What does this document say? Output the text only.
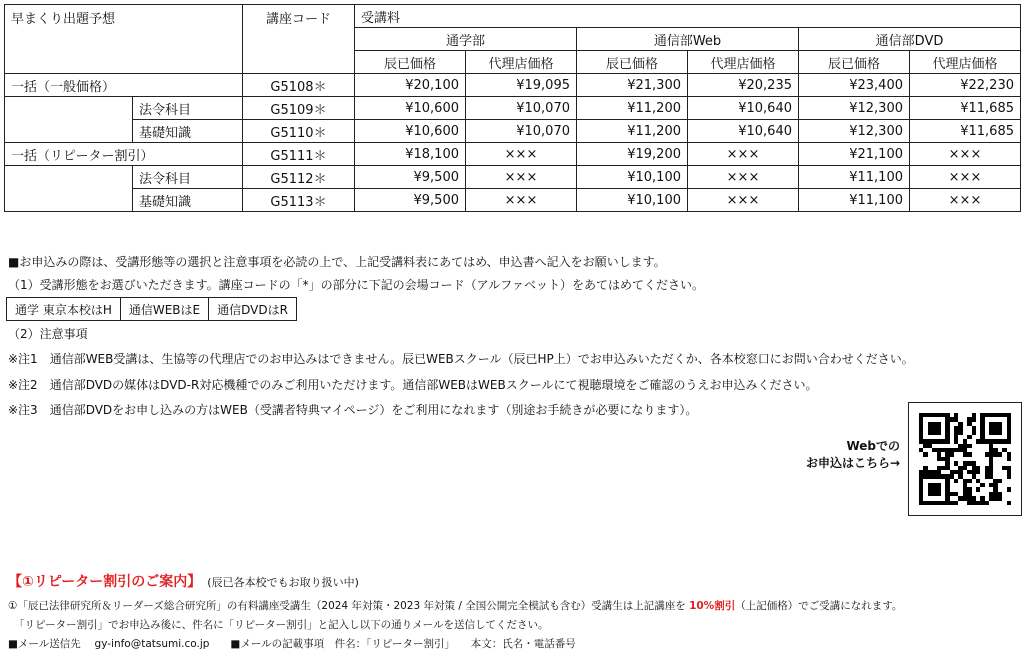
早まくり出題予想		講座コード	受講料					
			通学部		通信部Web		通信部DVD	
			辰已価格	代理店価格	辰已価格	代理店価格	辰已価格	代理店価格
一括（一般価格）		G5108＊	¥20,100	¥19,095	¥21,300	¥20,235	¥23,400	¥22,230
	法令科目	G5109＊	¥10,600	¥10,070	¥11,200	¥10,640	¥12,300	¥11,685
	基礎知識	G5110＊	¥10,600	¥10,070	¥11,200	¥10,640	¥12,300	¥11,685
一括（リピーター割引）		G5111＊	¥18,100	×××	¥19,200	×××	¥21,100	×××
	法令科目	G5112＊	¥9,500	×××	¥10,100	×××	¥11,100	×××
	基礎知識	G5113＊	¥9,500	×××	¥10,100	×××	¥11,100	×××
■お申込みの際は、受講形態等の選択と注意事項を必読の上で、上記受講料表にあてはめ、申込書へ記入をお願いします。
（1）受講形態をお選びいただきます。講座コードの「*」の部分に下記の会場コード（アルファベット）をあてはめてください。
通学 東京本校はH	通信WEBはE	通信DVDはR
（2）注意事項
※注1　通信部WEB受講は、生協等の代理店でのお申込みはできません。辰已WEBスクール（辰已HP上）でお申込みいただくか、各本校窓口にお問い合わせください。
※注2　通信部DVDの媒体はDVD-R対応機種でのみご利用いただけます。通信部WEBはWEBスクールにて視聴環境をご確認のうえお申込みください。
※注3　通信部DVDをお申し込みの方はWEB（受講者特典マイページ）をご利用になれます（別途お手続きが必要になります）。
Webでの
お申込はこちら→
【①リピーター割引のご案内】 (辰已各本校でもお取り扱い中)
①「辰已法律研究所＆リーダーズ総合研究所」の有料講座受講生（2024 年対策・2023 年対策 / 全国公開完全模試も含む）受講生は上記講座を 10%割引（上記価格）でご受講になれます。
「リピーター割引」でお申込み後に、件名に「リピーター割引」と記入し以下の通りメールを送信してください。
■メール送信先　 gy-info@tatsumi.co.jp　　■メールの記載事項　件名：「リピーター割引」　　本文：氏名・電話番号
